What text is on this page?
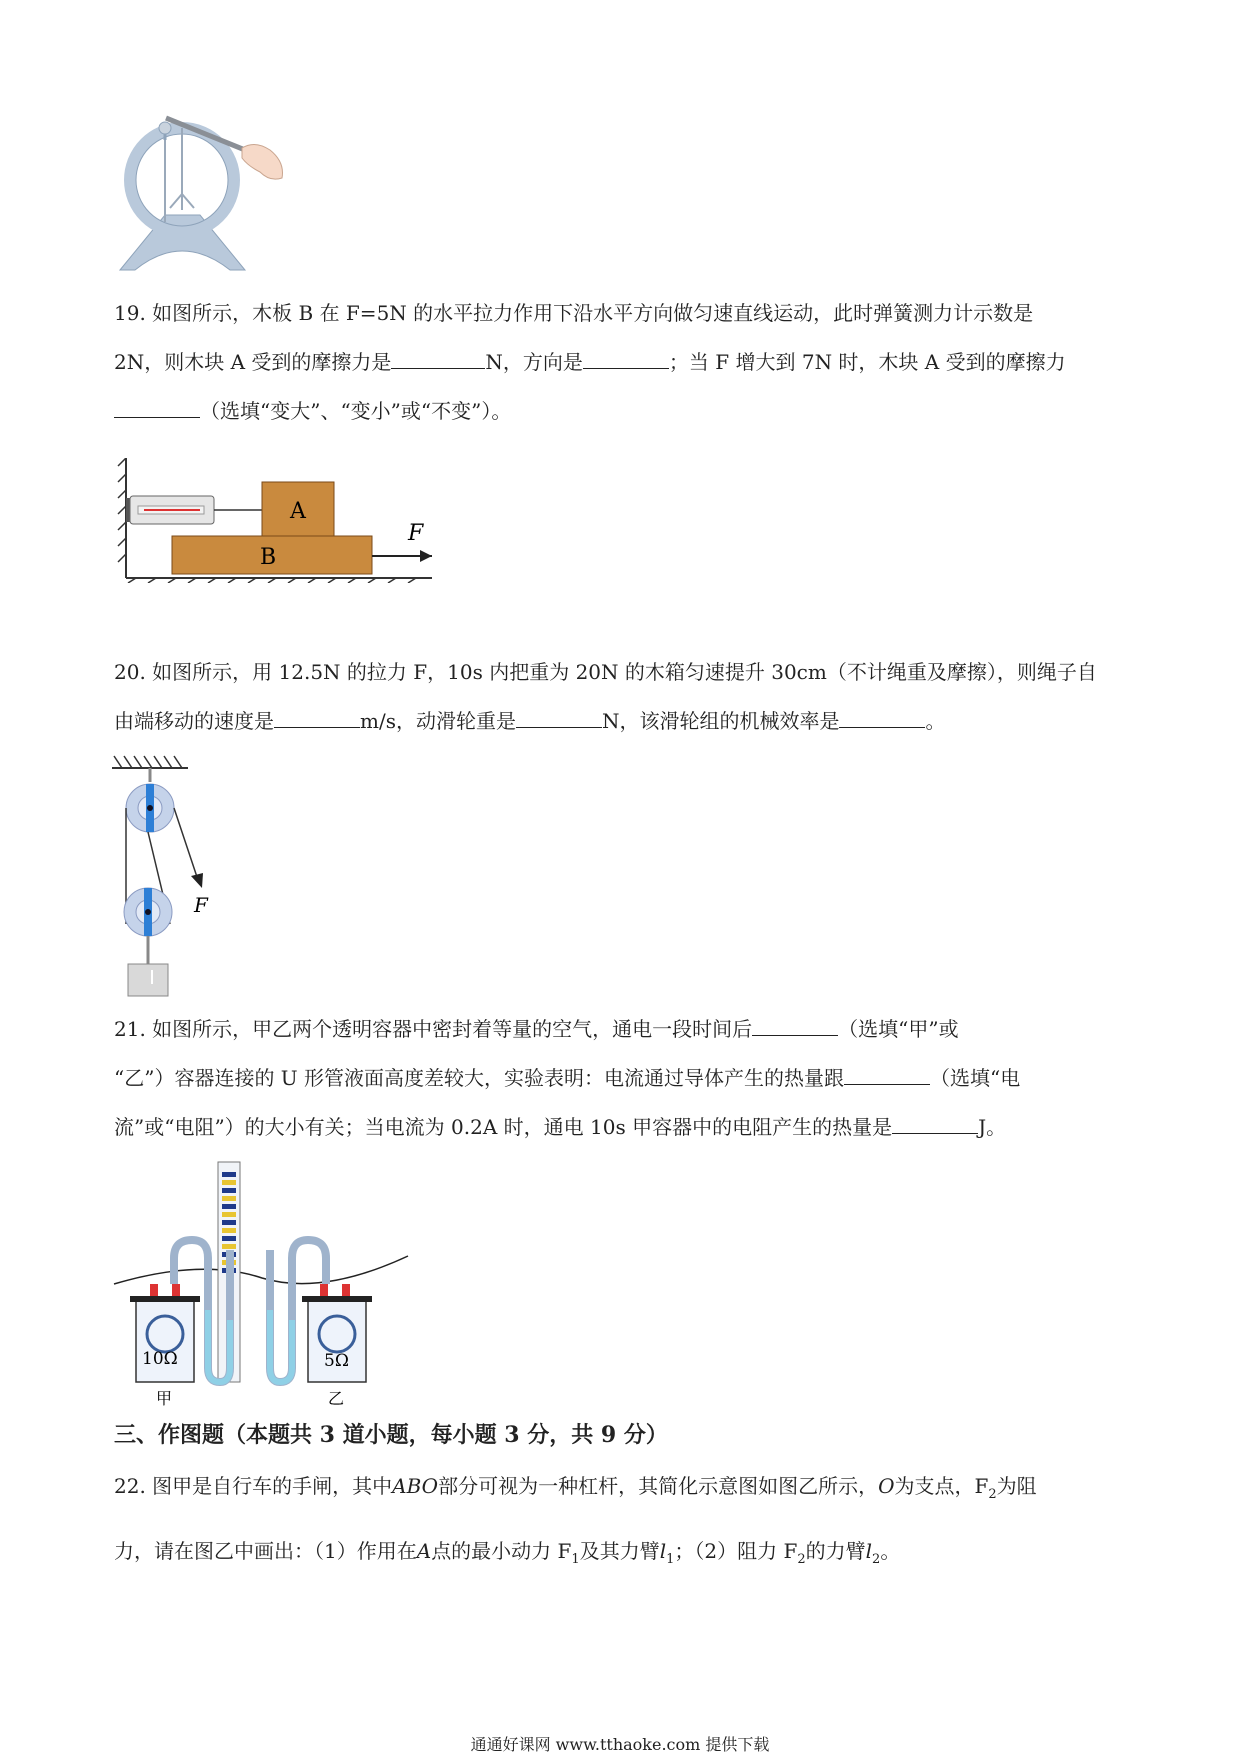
19. 如图所示，木板 B 在 F=5N 的水平拉力作用下沿水平方向做匀速直线运动，此时弹簧测力计示数是
2N，则木块 A 受到的摩擦力是	N，方向是	；当 F 增大到 7N 时，木块 A 受到的摩擦力
（选填“变大”、“变小”或“不变”）。
A
B
F
20. 如图所示，用 12.5N 的拉力 F，10s 内把重为 20N 的木箱匀速提升 30cm（不计绳重及摩擦），则绳子自
由端移动的速度是	m/s，动滑轮重是	N，该滑轮组的机械效率是	。
F
21. 如图所示，甲乙两个透明容器中密封着等量的空气，通电一段时间后	（选填“甲”或
“乙”）容器连接的 U 形管液面高度差较大，实验表明：电流通过导体产生的热量跟	（选填“电
流”或“电阻”）的大小有关；当电流为 0.2A 时，通电 10s 甲容器中的电阻产生的热量是	J。
10Ω
甲
5Ω
乙
三、作图题（本题共 3 道小题，每小题 3 分，共 9 分）
22. 图甲是自行车的手闸，其中ABO部分可视为一种杠杆，其简化示意图如图乙所示，O为支点，$F_2$为阻
力，请在图乙中画出：（1）作用在A点的最小动力 $F_1$及其力臂$l_1$；（2）阻力 $F_2$的力臂$l_2$。
通通好课网 www.tthaoke.com 提供下载
